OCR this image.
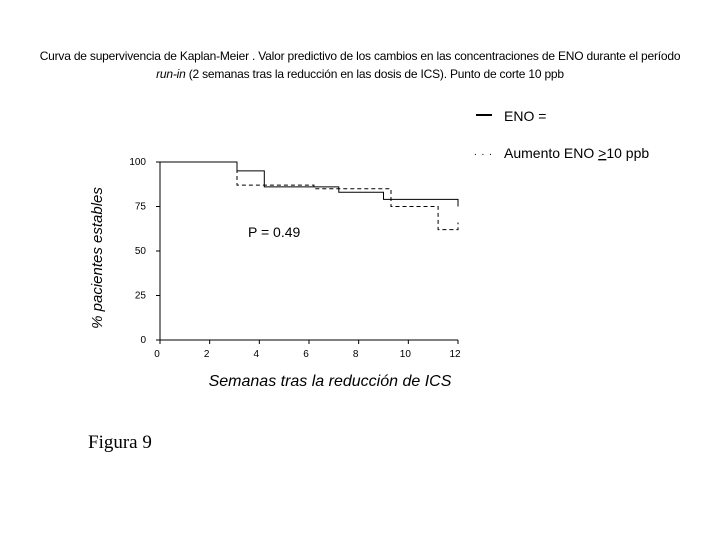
Curva de supervivencia de Kaplan-Meier . Valor predictivo de los cambios en las concentraciones de ENO durante el período
run-in (2 semanas tras la reducción en las dosis de ICS). Punto de corte 10 ppb
0
25
50
75
100
0	2	4	6	8	10	12
% pacientes estables
Semanas tras la reducción de ICS
P = 0.49
ENO =
. . . Aumento ENO >10 ppb
Figura 9
